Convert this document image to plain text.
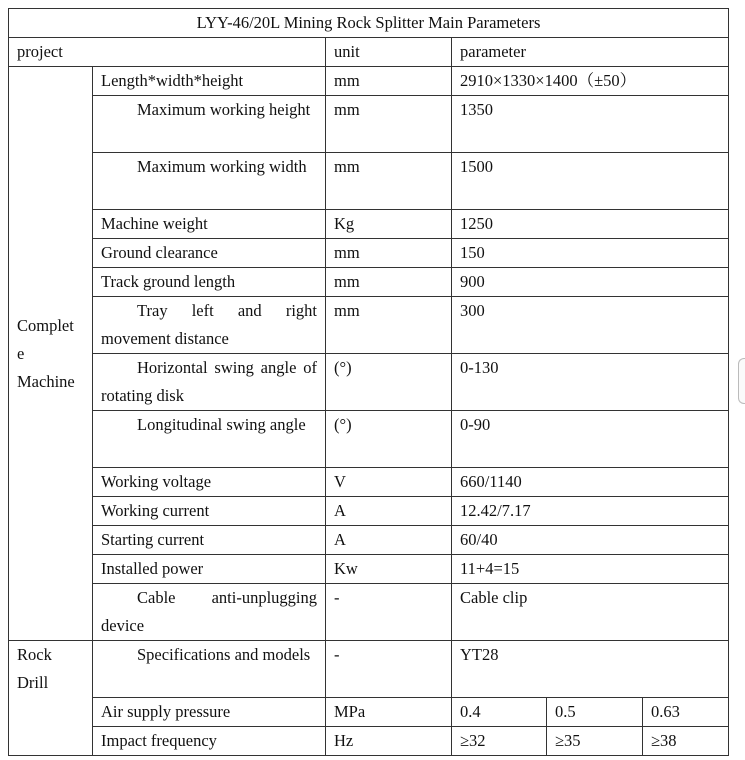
LYY-46/20L Mining Rock Splitter Main Parameters					

project		unit	parameter		

Complet
e
Machine	Length*width*height	mm	2910×1330×1400（±50）		

	Maximum working height	mm	1350		

	Maximum working width	mm	1500		

	Machine weight	Kg	1250		

	Ground clearance	mm	150		

	Track ground length	mm	900		

	Tray left and right movement distance	mm	300		

	Horizontal swing angle of rotating disk	(°)	0-130		

	Longitudinal swing angle	(°)	0-90		

	Working voltage	V	660/1140		

	Working current	A	12.42/7.17		

	Starting current	A	60/40		

	Installed power	Kw	11+4=15		

	Cable anti-unplugging device	-	Cable clip		

Rock
Drill	Specifications and models	-	YT28		

	Air supply pressure	MPa	0.4	0.5	0.63

	Impact frequency	Hz	≥32	≥35	≥38
